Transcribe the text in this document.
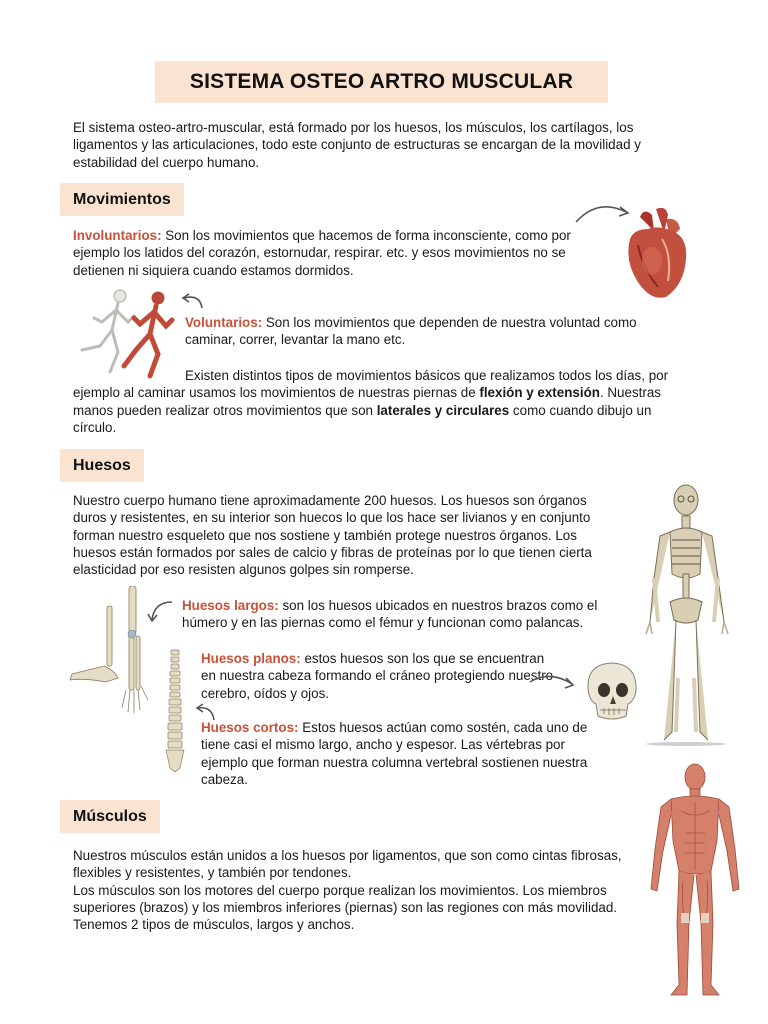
SISTEMA OSTEO ARTRO MUSCULAR

El sistema osteo-artro-muscular, está formado por los huesos, los músculos, los cartílagos, los ligamentos y las articulaciones, todo este conjunto de estructuras se encargan de la movilidad y estabilidad del cuerpo humano.

Movimientos

Involuntarios: Son los movimientos que hacemos de forma inconsciente, como por ejemplo los latidos del corazón, estornudar, respirar. etc. y esos movimientos no se detienen ni siquiera cuando estamos dormidos.

Voluntarios: Son los movimientos que dependen de nuestra voluntad como caminar, correr, levantar la mano etc.

Existen distintos tipos de movimientos básicos que realizamos todos los días, por ejemplo al caminar usamos los movimientos de nuestras piernas de flexión y extensión. Nuestras manos pueden realizar otros movimientos que son laterales y circulares como cuando dibujo un círculo.

Huesos

Nuestro cuerpo humano tiene aproximadamente 200 huesos. Los huesos son órganos duros y resistentes, en su interior son huecos lo que los hace ser livianos y en conjunto forman nuestro esqueleto que nos sostiene y también protege nuestros órganos. Los huesos están formados por sales de calcio y fibras de proteínas por lo que tienen cierta elasticidad por eso resisten algunos golpes sin romperse.

Huesos largos: son los huesos ubicados en nuestros brazos como el húmero y en las piernas como el fémur y funcionan como palancas.

Huesos planos: estos huesos son los que se encuentran en nuestra cabeza formando el cráneo protegiendo nuestro cerebro, oídos y ojos.

Huesos cortos: Estos huesos actúan como sostén, cada uno de tiene casi el mismo largo, ancho y espesor. Las vértebras por ejemplo que forman nuestra columna vertebral sostienen nuestra cabeza.

Músculos

Nuestros músculos están unidos a los huesos por ligamentos, que son como cintas fibrosas, flexibles y resistentes, y también por tendones.

Los músculos son los motores del cuerpo porque realizan los movimientos. Los miembros superiores (brazos) y los miembros inferiores (piernas) son las regiones con más movilidad. Tenemos 2 tipos de músculos, largos y anchos.
